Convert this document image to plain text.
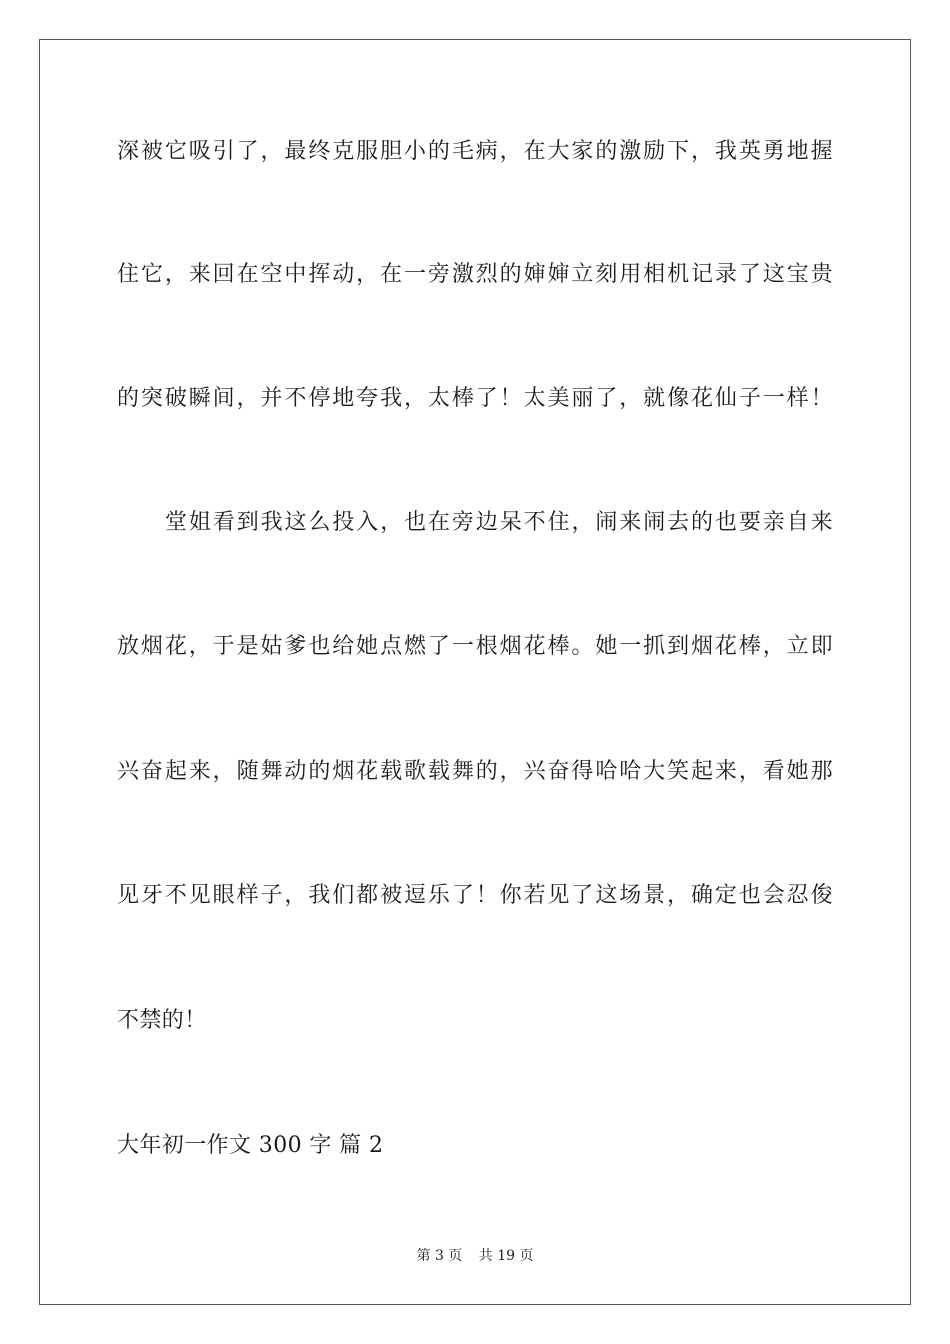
深被它吸引了，最终克服胆小的毛病，在大家的激励下，我英勇地握
住它，来回在空中挥动，在一旁激烈的婶婶立刻用相机记录了这宝贵
的突破瞬间，并不停地夸我，太棒了！太美丽了，就像花仙子一样！
堂姐看到我这么投入，也在旁边呆不住，闹来闹去的也要亲自来
放烟花，于是姑爹也给她点燃了一根烟花棒。她一抓到烟花棒，立即
兴奋起来，随舞动的烟花载歌载舞的，兴奋得哈哈大笑起来，看她那
见牙不见眼样子，我们都被逗乐了！你若见了这场景，确定也会忍俊
不禁的！
大年初一作文 300 字 篇 2
第 3 页 共 19 页
